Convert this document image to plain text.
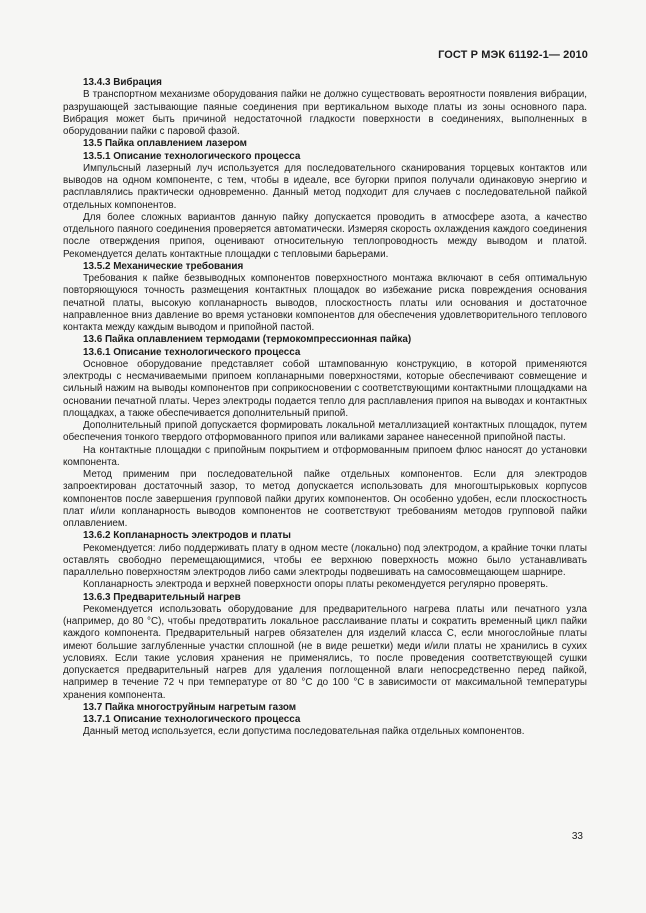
ГОСТ Р МЭК 61192-1— 2010
13.4.3 Вибрация

В транспортном механизме оборудования пайки не должно существовать вероятности появления вибрации, разрушающей застывающие паяные соединения при вертикальном выходе платы из зоны основного пара. Вибрация может быть причиной недостаточной гладкости поверхности в соединениях, выполненных в оборудовании пайки с паровой фазой.

13.5 Пайка оплавлением лазером
13.5.1 Описание технологического процесса

Импульсный лазерный луч используется для последовательного сканирования торцевых контактов или выводов на одном компоненте, с тем, чтобы в идеале, все бугорки припоя получали одинаковую энергию и расплавлялись практически одновременно. Данный метод подходит для случаев с последовательной пайкой отдельных компонентов.

Для более сложных вариантов данную пайку допускается проводить в атмосфере азота, а качество отдельного паяного соединения проверяется автоматически. Измеряя скорость охлаждения каждого соединения после отверждения припоя, оценивают относительную теплопроводность между выводом и платой. Рекомендуется делать контактные площадки с тепловыми барьерами.

13.5.2 Механические требования

Требования к пайке безвыводных компонентов поверхностного монтажа включают в себя оптимальную повторяющуюся точность размещения контактных площадок во избежание риска повреждения основания печатной платы, высокую копланарность выводов, плоскостность платы или основания и достаточное направленное вниз давление во время установки компонентов для обеспечения удовлетворительного теплового контакта между каждым выводом и припойной пастой.

13.6 Пайка оплавлением термодами (термокомпрессионная пайка)
13.6.1 Описание технологического процесса

Основное оборудование представляет собой штампованную конструкцию, в которой применяются электроды с несмачиваемыми припоем копланарными поверхностями, которые обеспечивают совмещение и сильный нажим на выводы компонентов при соприкосновении с соответствующими контактными площадками на основании печатной платы. Через электроды подается тепло для расплавления припоя на выводах и контактных площадках, а также обеспечивается дополнительный припой.

Дополнительный припой допускается формировать локальной металлизацией контактных площадок, путем обеспечения тонкого твердого отформованного припоя или валиками заранее нанесенной припойной пасты.

На контактные площадки с припойным покрытием и отформованным припоем флюс наносят до установки компонента.

Метод применим при последовательной пайке отдельных компонентов. Если для электродов запроектирован достаточный зазор, то метод допускается использовать для многоштырьковых корпусов компонентов после завершения групповой пайки других компонентов. Он особенно удобен, если плоскостность плат и/или копланарность выводов компонентов не соответствуют требованиям методов групповой пайки оплавлением.

13.6.2 Копланарность электродов и платы

Рекомендуется: либо поддерживать плату в одном месте (локально) под электродом, а крайние точки платы оставлять свободно перемещающимися, чтобы ее верхнюю поверхность можно было устанавливать параллельно поверхностям электродов либо сами электроды подвешивать на самосовмещающем шарнире.

Копланарность электрода и верхней поверхности опоры платы рекомендуется регулярно проверять.

13.6.3 Предварительный нагрев

Рекомендуется использовать оборудование для предварительного нагрева платы или печатного узла (например, до 80 °C), чтобы предотвратить локальное расслаивание платы и сократить временный цикл пайки каждого компонента. Предварительный нагрев обязателен для изделий класса С, если многослойные платы имеют большие заглубленные участки сплошной (не в виде решетки) меди и/или платы не хранились в сухих условиях. Если такие условия хранения не применялись, то после проведения соответствующей сушки допускается предварительный нагрев для удаления поглощенной влаги непосредственно перед пайкой, например в течение 72 ч при температуре от 80 °C до 100 °C в зависимости от максимальной температуры хранения компонента.

13.7 Пайка многоструйным нагретым газом
13.7.1 Описание технологического процесса

Данный метод используется, если допустима последовательная пайка отдельных компонентов.

33
